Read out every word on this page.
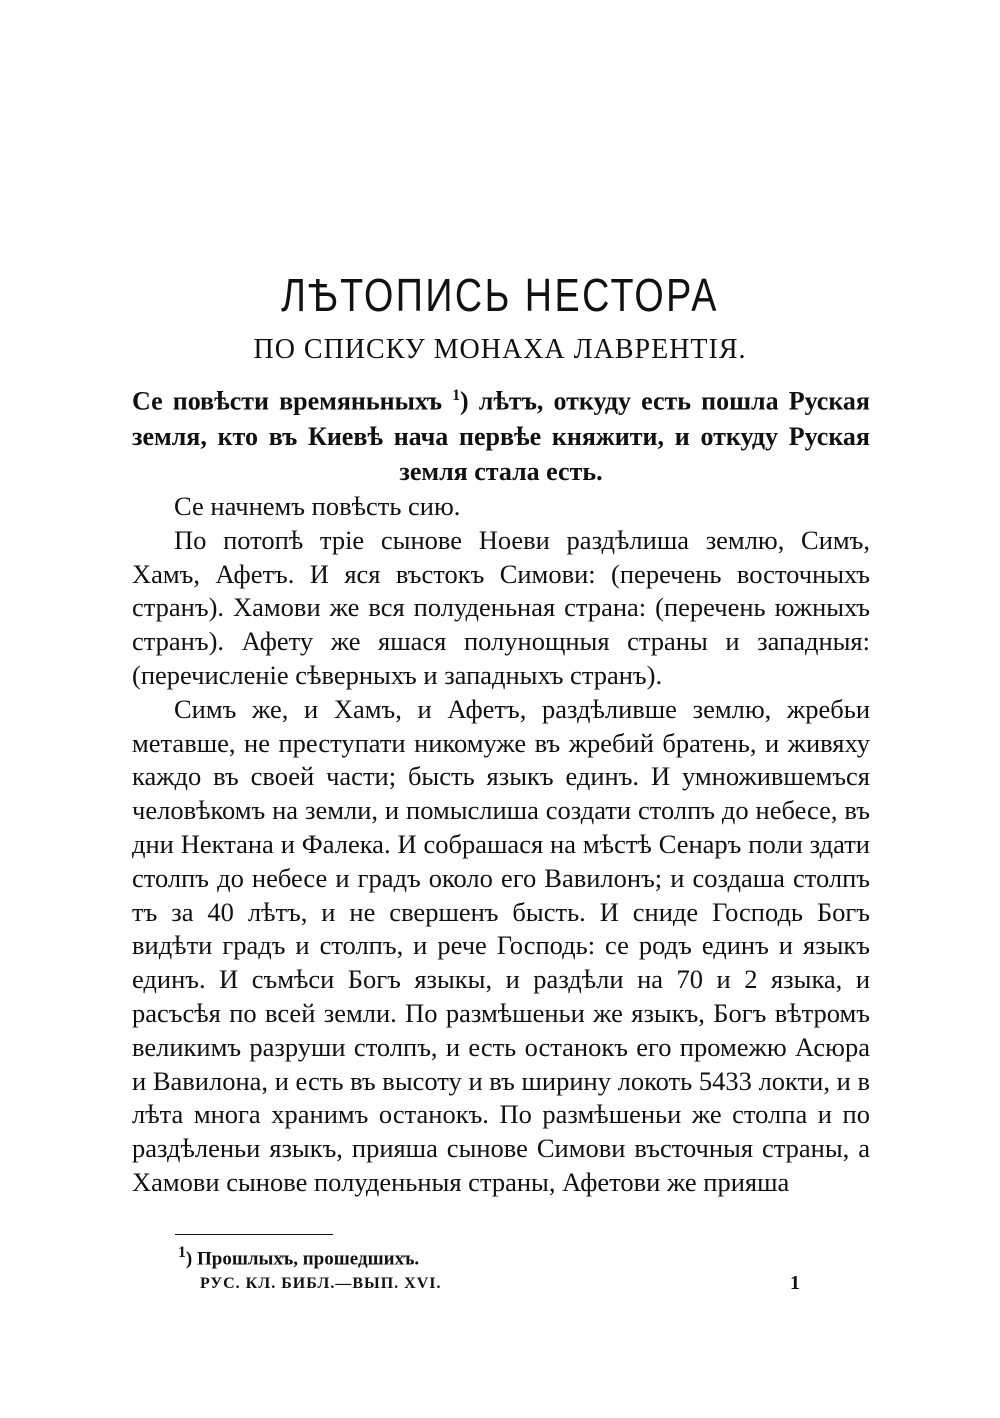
ЛѢТОПИСЬ НЕСТОРА
ПО СПИСКУ МОНАХА ЛАВРЕНТІЯ.
Се повѣсти времяньныхъ $^1$) лѣтъ, откуду есть пошла Руская земля, кто въ Киевѣ нача первѣе княжити, и откуду Руская земля стала есть.

Се начнемъ повѣсть сию.

По потопѣ тріе сынове Ноеви раздѣлиша землю, Симъ, Хамъ, Афетъ. И яся въстокъ Симови: (перечень восточныхъ странъ). Хамови же вся полуденьная страна: (перечень южныхъ странъ). Афету же яшася полунощныя страны и западныя: (перечисленіе сѣверныхъ и западныхъ странъ).

Симъ же, и Хамъ, и Афетъ, раздѣливше землю, жребьи метавше, не преступати никомуже въ жребий братень, и живяху каждо въ своей части; бысть языкъ единъ. И умножившемъся человѣкомъ на земли, и помыслиша создати столпъ до небесе, въ дни Нектана и Фалека. И собрашася на мѣстѣ Сенаръ поли здати столпъ до небесе и градъ около его Вавилонъ; и создаша столпъ тъ за 40 лѣтъ, и не свершенъ бысть. И сниде Господь Богъ видѣти градъ и столпъ, и рече Господь: се родъ единъ и языкъ единъ. И съмѣси Богъ языкы, и раздѣли на 70 и 2 языка, и расъсѣя по всей земли. По размѣшеньи же языкъ, Богъ вѣтромъ великимъ разруши столпъ, и есть останокъ его промежю Асюра и Вавилона, и есть въ высоту и въ ширину локоть 5433 локти, и в лѣта многа хранимъ останокъ. По размѣшеньи же столпа и по раздѣленьи языкъ, прияша сынове Симови въсточныя страны, а Хамови сынове полуденьныя страны, Афетови же прияша

$^1$) Прошлыхъ, прошедшихъ.
РУС. КЛ. БИБЛ.—ВЫП. XVI.	1
